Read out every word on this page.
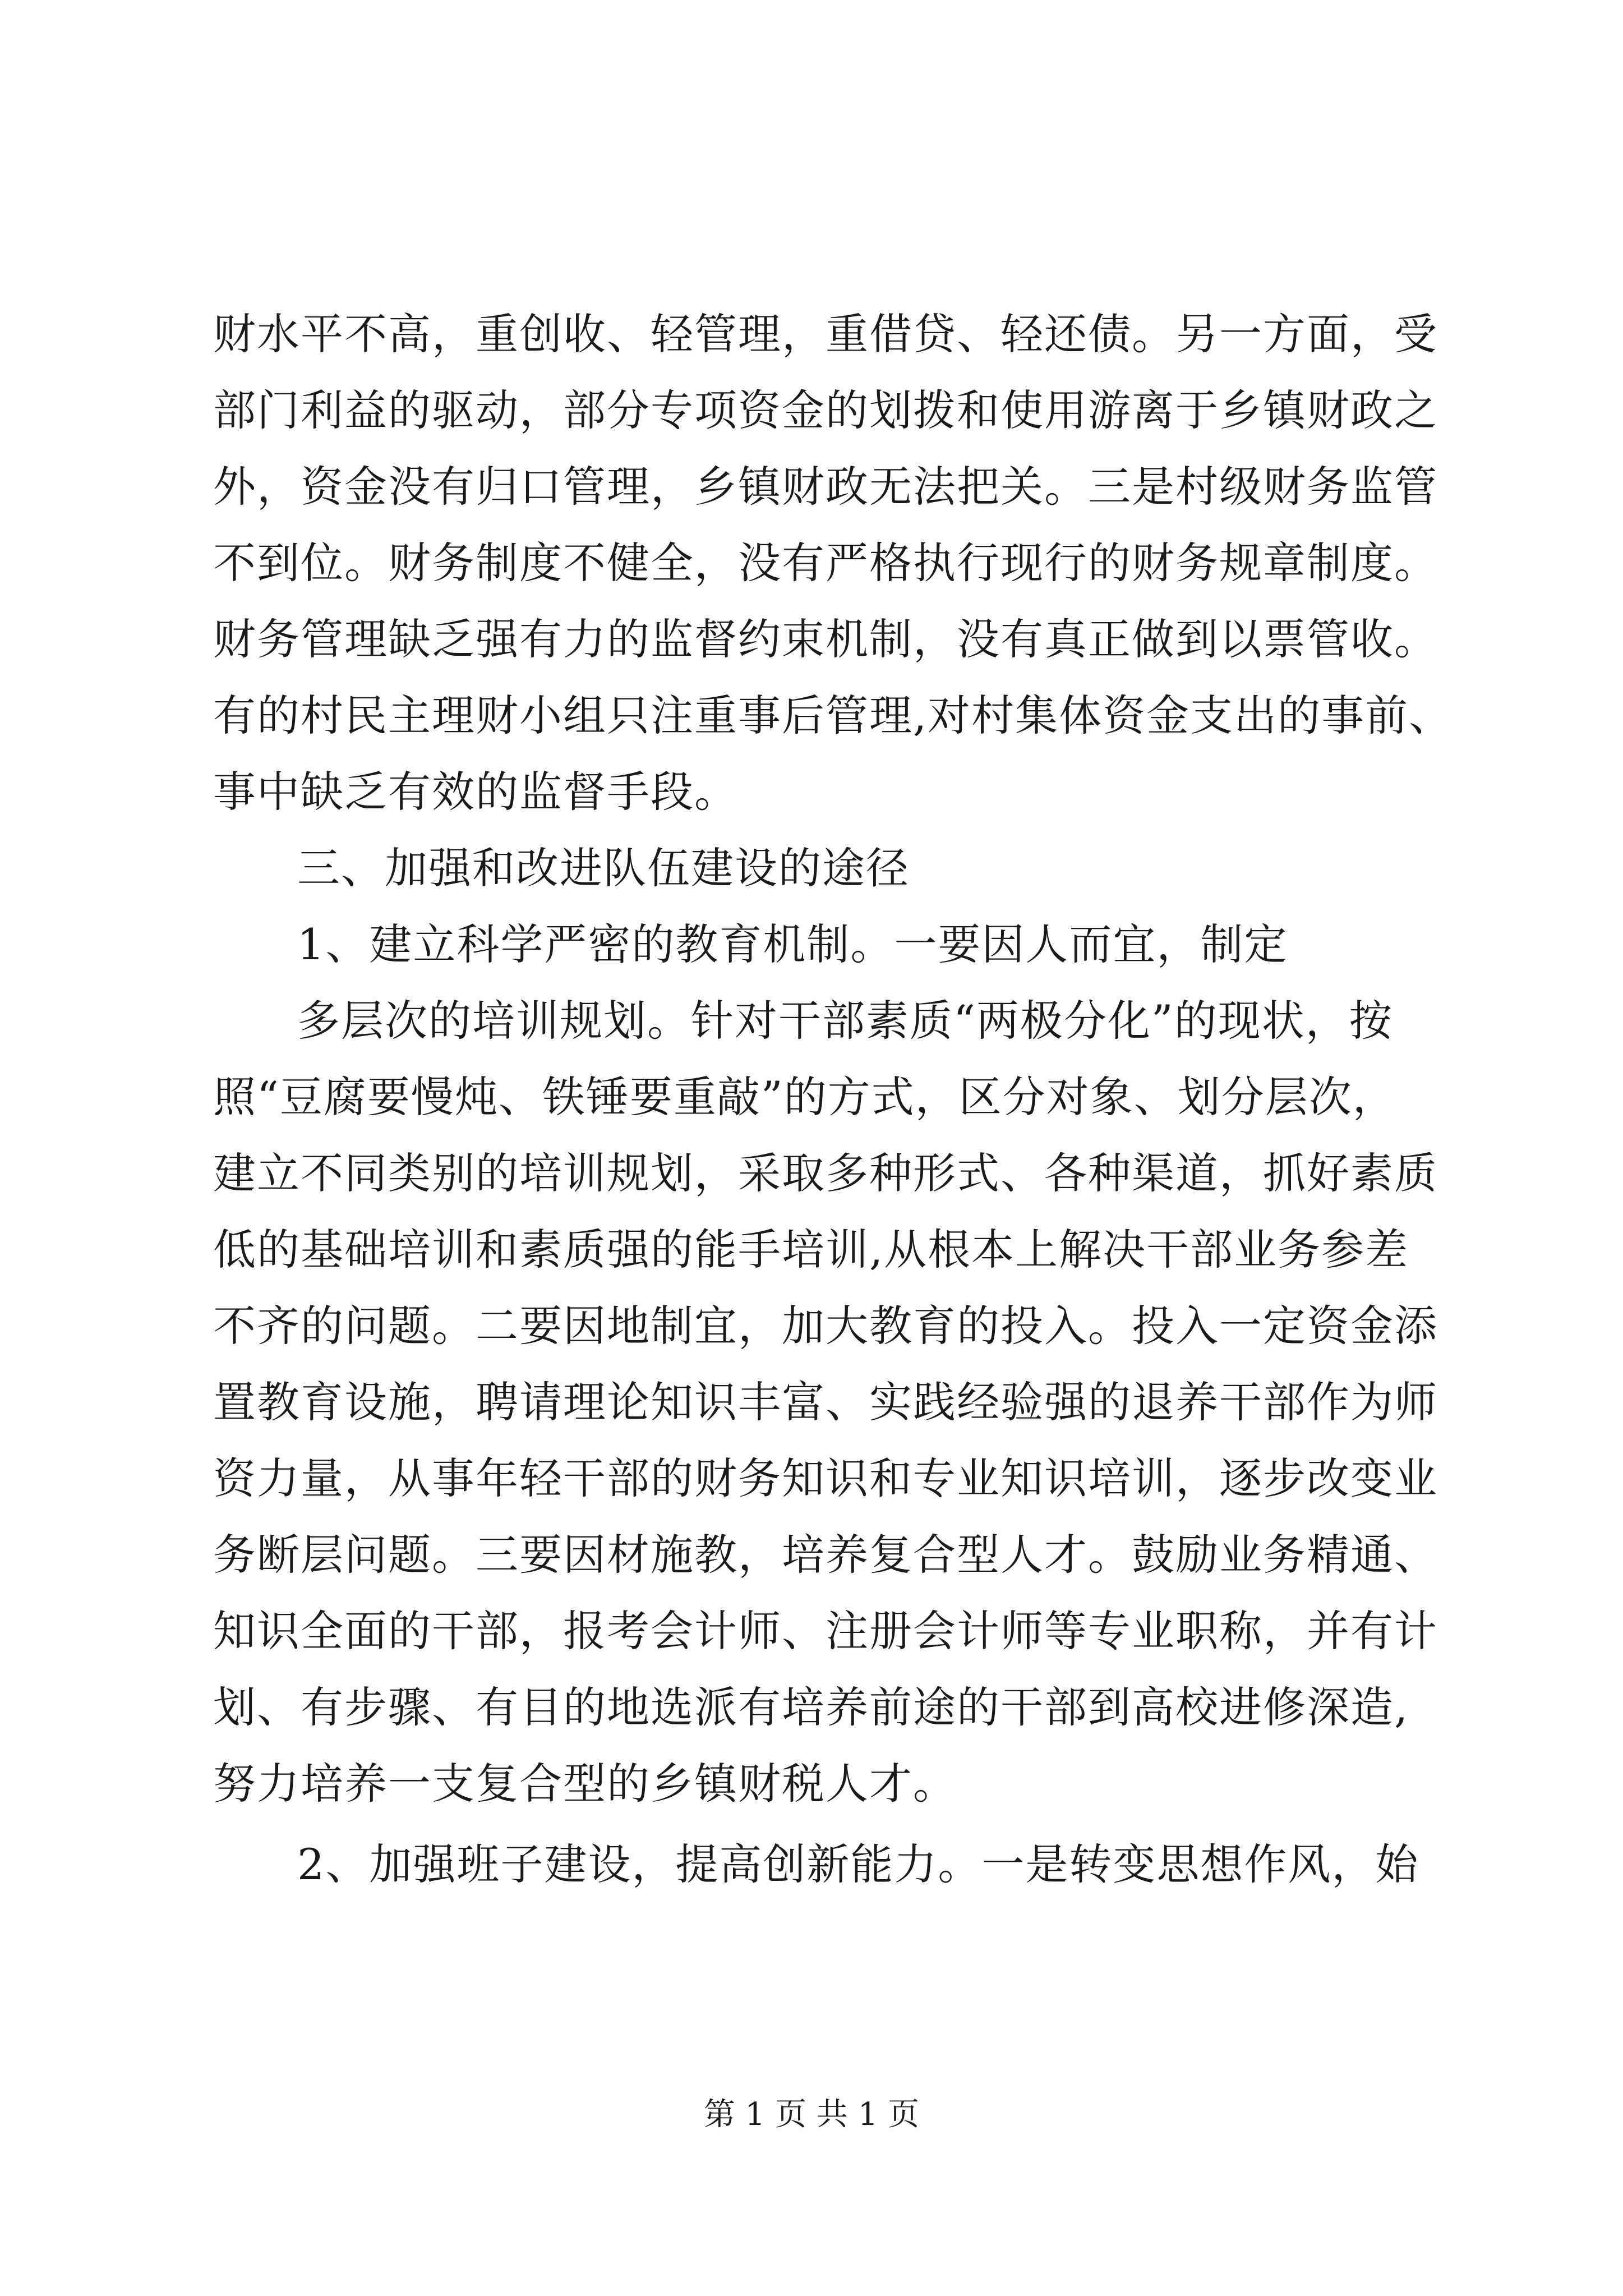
财水平不高，重创收、轻管理，重借贷、轻还债。另一方面，受
部门利益的驱动，部分专项资金的划拨和使用游离于乡镇财政之
外，资金没有归口管理，乡镇财政无法把关。三是村级财务监管
不到位。财务制度不健全，没有严格执行现行的财务规章制度。
财务管理缺乏强有力的监督约束机制，没有真正做到以票管收。
有的村民主理财小组只注重事后管理,对村集体资金支出的事前、
事中缺乏有效的监督手段。
三、加强和改进队伍建设的途径
1、建立科学严密的教育机制。一要因人而宜，制定
多层次的培训规划。针对干部素质“两极分化”的现状，按
照“豆腐要慢炖、铁锤要重敲”的方式，区分对象、划分层次，
建立不同类别的培训规划，采取多种形式、各种渠道，抓好素质
低的基础培训和素质强的能手培训,从根本上解决干部业务参差
不齐的问题。二要因地制宜，加大教育的投入。投入一定资金添
置教育设施，聘请理论知识丰富、实践经验强的退养干部作为师
资力量，从事年轻干部的财务知识和专业知识培训，逐步改变业
务断层问题。三要因材施教，培养复合型人才。鼓励业务精通、
知识全面的干部，报考会计师、注册会计师等专业职称，并有计
划、有步骤、有目的地选派有培养前途的干部到高校进修深造,
努力培养一支复合型的乡镇财税人才。
2、加强班子建设，提高创新能力。一是转变思想作风，始
第 1 页 共 1 页
